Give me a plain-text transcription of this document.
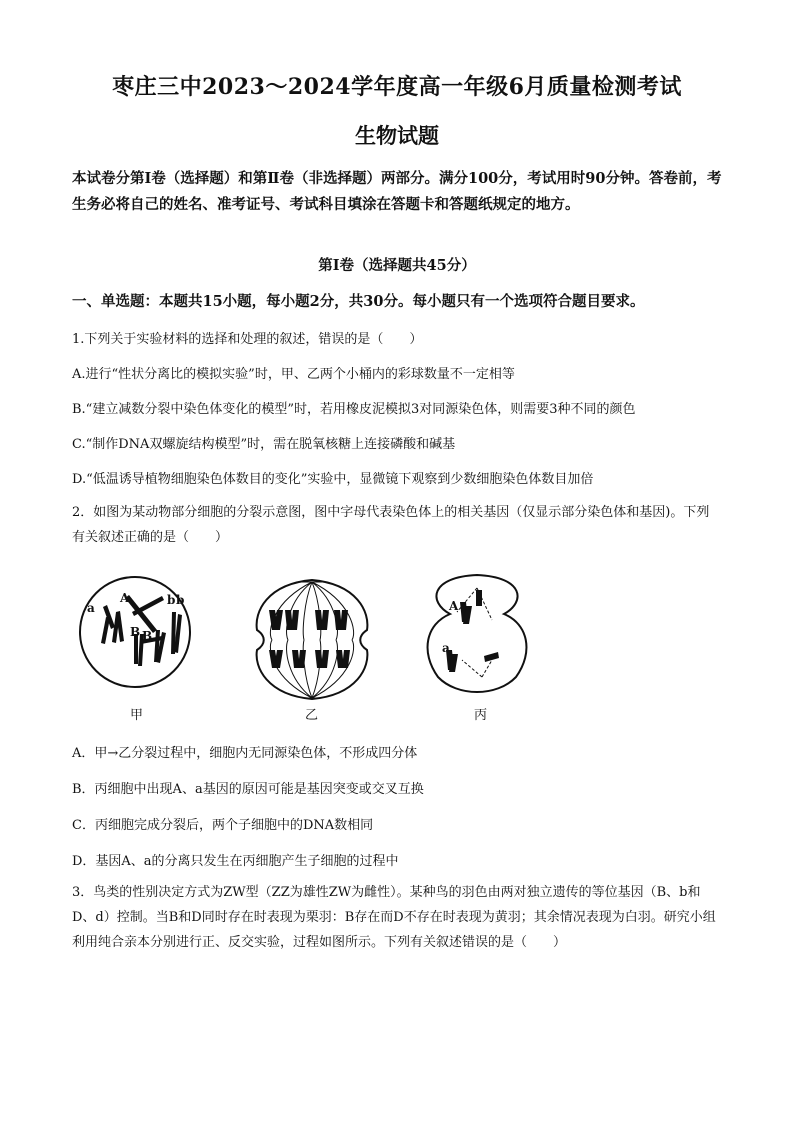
枣庄三中2023～2024学年度高一年级6月质量检测考试
生物试题
本试卷分第Ⅰ卷（选择题）和第Ⅱ卷（非选择题）两部分。满分100分，考试用时90分钟。答卷前，考生务必将自己的姓名、准考证号、考试科目填涂在答题卡和答题纸规定的地方。
第Ⅰ卷（选择题共45分）
一、单选题：本题共15小题，每小题2分，共30分。每小题只有一个选项符合题目要求。
1.下列关于实验材料的选择和处理的叙述，错误的是（　　）
A.进行“性状分离比的模拟实验”时，甲、乙两个小桶内的彩球数量不一定相等
B.“建立减数分裂中染色体变化的模型”时，若用橡皮泥模拟3对同源染色体，则需要3种不同的颜色
C.“制作DNA双螺旋结构模型”时，需在脱氧核糖上连接磷酸和碱基
D.“低温诱导植物细胞染色体数目的变化”实验中，显微镜下观察到少数细胞染色体数目加倍
2．如图为某动物部分细胞的分裂示意图，图中字母代表染色体上的相关基因（仅显示部分染色体和基因)。下列有关叙述正确的是（　　）
a
A	b b
B B
A
a
甲	乙	丙
A．甲→乙分裂过程中，细胞内无同源染色体，不形成四分体
B．丙细胞中出现A、a基因的原因可能是基因突变或交叉互换
C．丙细胞完成分裂后，两个子细胞中的DNA数相同
D．基因A、a的分离只发生在丙细胞产生子细胞的过程中
3．鸟类的性别决定方式为ZW型（ZZ为雄性ZW为雌性）。某种鸟的羽色由两对独立遗传的等位基因（B、b和D、d）控制。当B和D同时存在时表现为栗羽：B存在而D不存在时表现为黄羽；其余情况表现为白羽。研究小组利用纯合亲本分别进行正、反交实验，过程如图所示。下列有关叙述错误的是（　　）
